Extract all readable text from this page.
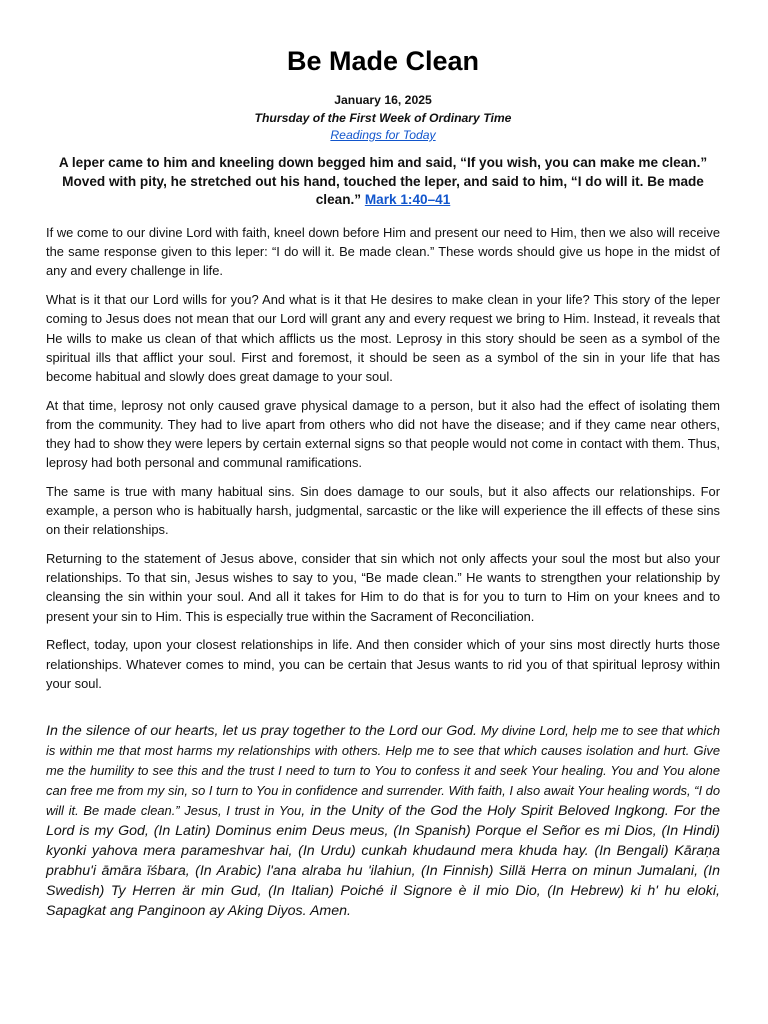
Be Made Clean
January 16, 2025
Thursday of the First Week of Ordinary Time
Readings for Today
A leper came to him and kneeling down begged him and said, “If you wish, you can make me clean.” Moved with pity, he stretched out his hand, touched the leper, and said to him, “I do will it. Be made clean.” Mark 1:40–41

If we come to our divine Lord with faith, kneel down before Him and present our need to Him, then we also will receive the same response given to this leper: “I do will it. Be made clean.” These words should give us hope in the midst of any and every challenge in life.

What is it that our Lord wills for you? And what is it that He desires to make clean in your life? This story of the leper coming to Jesus does not mean that our Lord will grant any and every request we bring to Him. Instead, it reveals that He wills to make us clean of that which afflicts us the most. Leprosy in this story should be seen as a symbol of the spiritual ills that afflict your soul. First and foremost, it should be seen as a symbol of the sin in your life that has become habitual and slowly does great damage to your soul.

At that time, leprosy not only caused grave physical damage to a person, but it also had the effect of isolating them from the community. They had to live apart from others who did not have the disease; and if they came near others, they had to show they were lepers by certain external signs so that people would not come in contact with them. Thus, leprosy had both personal and communal ramifications.

The same is true with many habitual sins. Sin does damage to our souls, but it also affects our relationships. For example, a person who is habitually harsh, judgmental, sarcastic or the like will experience the ill effects of these sins on their relationships.

Returning to the statement of Jesus above, consider that sin which not only affects your soul the most but also your relationships. To that sin, Jesus wishes to say to you, “Be made clean.” He wants to strengthen your relationship by cleansing the sin within your soul. And all it takes for Him to do that is for you to turn to Him on your knees and to present your sin to Him. This is especially true within the Sacrament of Reconciliation.

Reflect, today, upon your closest relationships in life. And then consider which of your sins most directly hurts those relationships. Whatever comes to mind, you can be certain that Jesus wants to rid you of that spiritual leprosy within your soul.

In the silence of our hearts, let us pray together to the Lord our God. My divine Lord, help me to see that which is within me that most harms my relationships with others. Help me to see that which causes isolation and hurt. Give me the humility to see this and the trust I need to turn to You to confess it and seek Your healing. You and You alone can free me from my sin, so I turn to You in confidence and surrender. With faith, I also await Your healing words, “I do will it. Be made clean.” Jesus, I trust in You, in the Unity of the God the Holy Spirit Beloved Ingkong. For the Lord is my God, (In Latin) Dominus enim Deus meus, (In Spanish) Porque el Señor es mi Dios, (In Hindi) kyonki yahova mera parameshvar hai, (In Urdu) cunkah khudaund mera khuda hay. (In Bengali) Kāraṇa prabhu'i āmāra īśbara, (In Arabic) l'ana alraba hu 'ilahiun, (In Finnish) Sillä Herra on minun Jumalani, (In Swedish) Ty Herren är min Gud, (In Italian) Poiché il Signore è il mio Dio, (In Hebrew) ki h' hu eloki, Sapagkat ang Panginoon ay Aking Diyos. Amen.
